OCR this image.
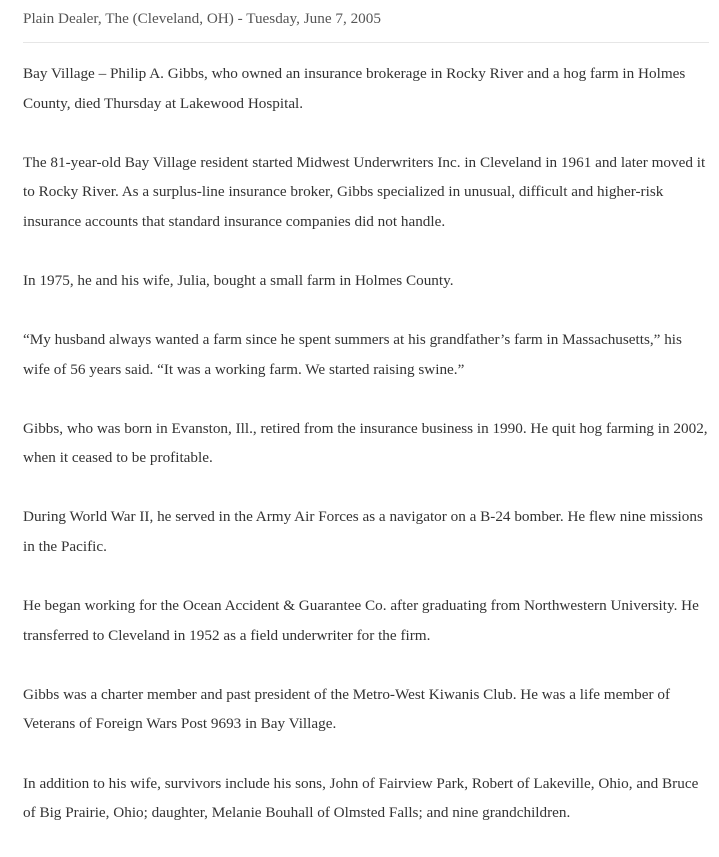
Plain Dealer, The (Cleveland, OH) - Tuesday, June 7, 2005

Bay Village – Philip A. Gibbs, who owned an insurance brokerage in Rocky River and a hog farm in Holmes County, died Thursday at Lakewood Hospital.

The 81-year-old Bay Village resident started Midwest Underwriters Inc. in Cleveland in 1961 and later moved it to Rocky River. As a surplus-line insurance broker, Gibbs specialized in unusual, difficult and higher-risk insurance accounts that standard insurance companies did not handle.

In 1975, he and his wife, Julia, bought a small farm in Holmes County.

“My husband always wanted a farm since he spent summers at his grandfather’s farm in Massachusetts,” his wife of 56 years said. “It was a working farm. We started raising swine.”

Gibbs, who was born in Evanston, Ill., retired from the insurance business in 1990. He quit hog farming in 2002, when it ceased to be profitable.

During World War II, he served in the Army Air Forces as a navigator on a B-24 bomber. He flew nine missions in the Pacific.

He began working for the Ocean Accident & Guarantee Co. after graduating from Northwestern University. He transferred to Cleveland in 1952 as a field underwriter for the firm.

Gibbs was a charter member and past president of the Metro-West Kiwanis Club. He was a life member of Veterans of Foreign Wars Post 9693 in Bay Village.

In addition to his wife, survivors include his sons, John of Fairview Park, Robert of Lakeville, Ohio, and Bruce of Big Prairie, Ohio; daughter, Melanie Bouhall of Olmsted Falls; and nine grandchildren.
